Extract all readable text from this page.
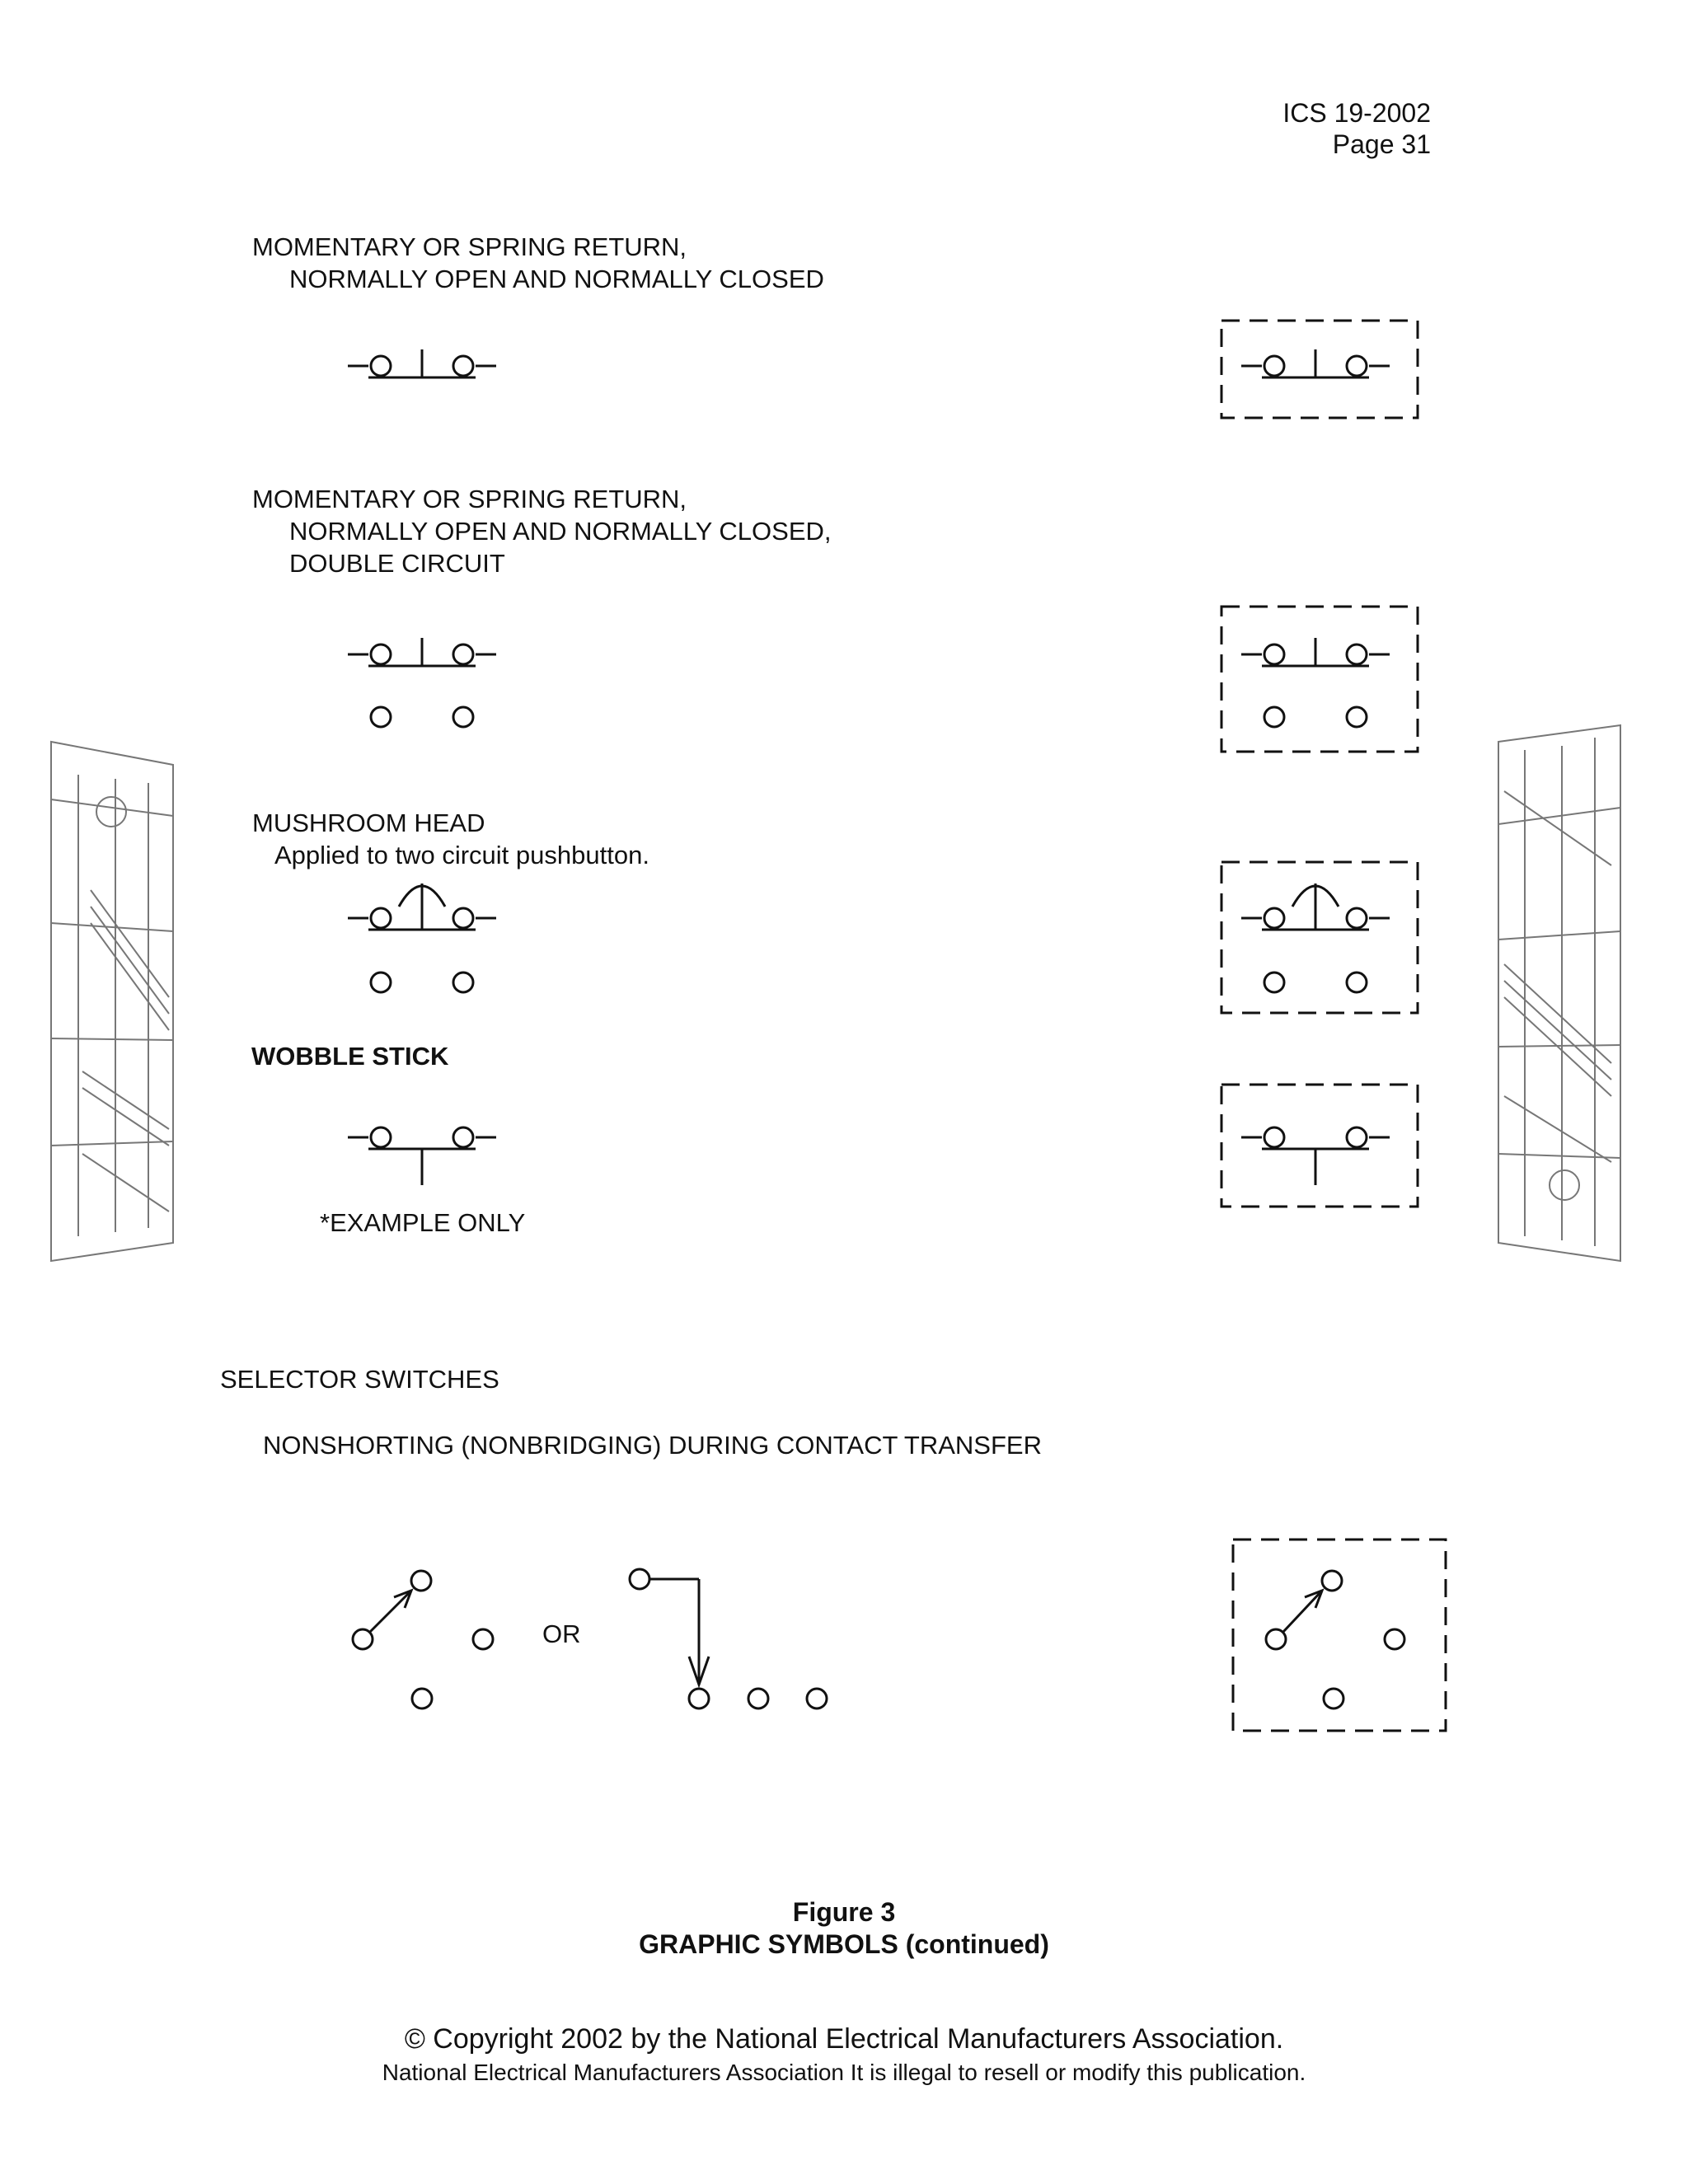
ICS 19-2002
Page 31
MOMENTARY OR SPRING RETURN,
NORMALLY OPEN AND NORMALLY CLOSED
MOMENTARY OR SPRING RETURN,
NORMALLY OPEN AND NORMALLY CLOSED,
DOUBLE CIRCUIT
MUSHROOM HEAD
Applied to two circuit pushbutton.
WOBBLE STICK
*EXAMPLE ONLY
SELECTOR SWITCHES
NONSHORTING (NONBRIDGING) DURING CONTACT TRANSFER
OR
Figure 3
GRAPHIC SYMBOLS (continued)
© Copyright 2002 by the National Electrical Manufacturers Association.
National Electrical Manufacturers Association It is illegal to resell or modify this publication.
